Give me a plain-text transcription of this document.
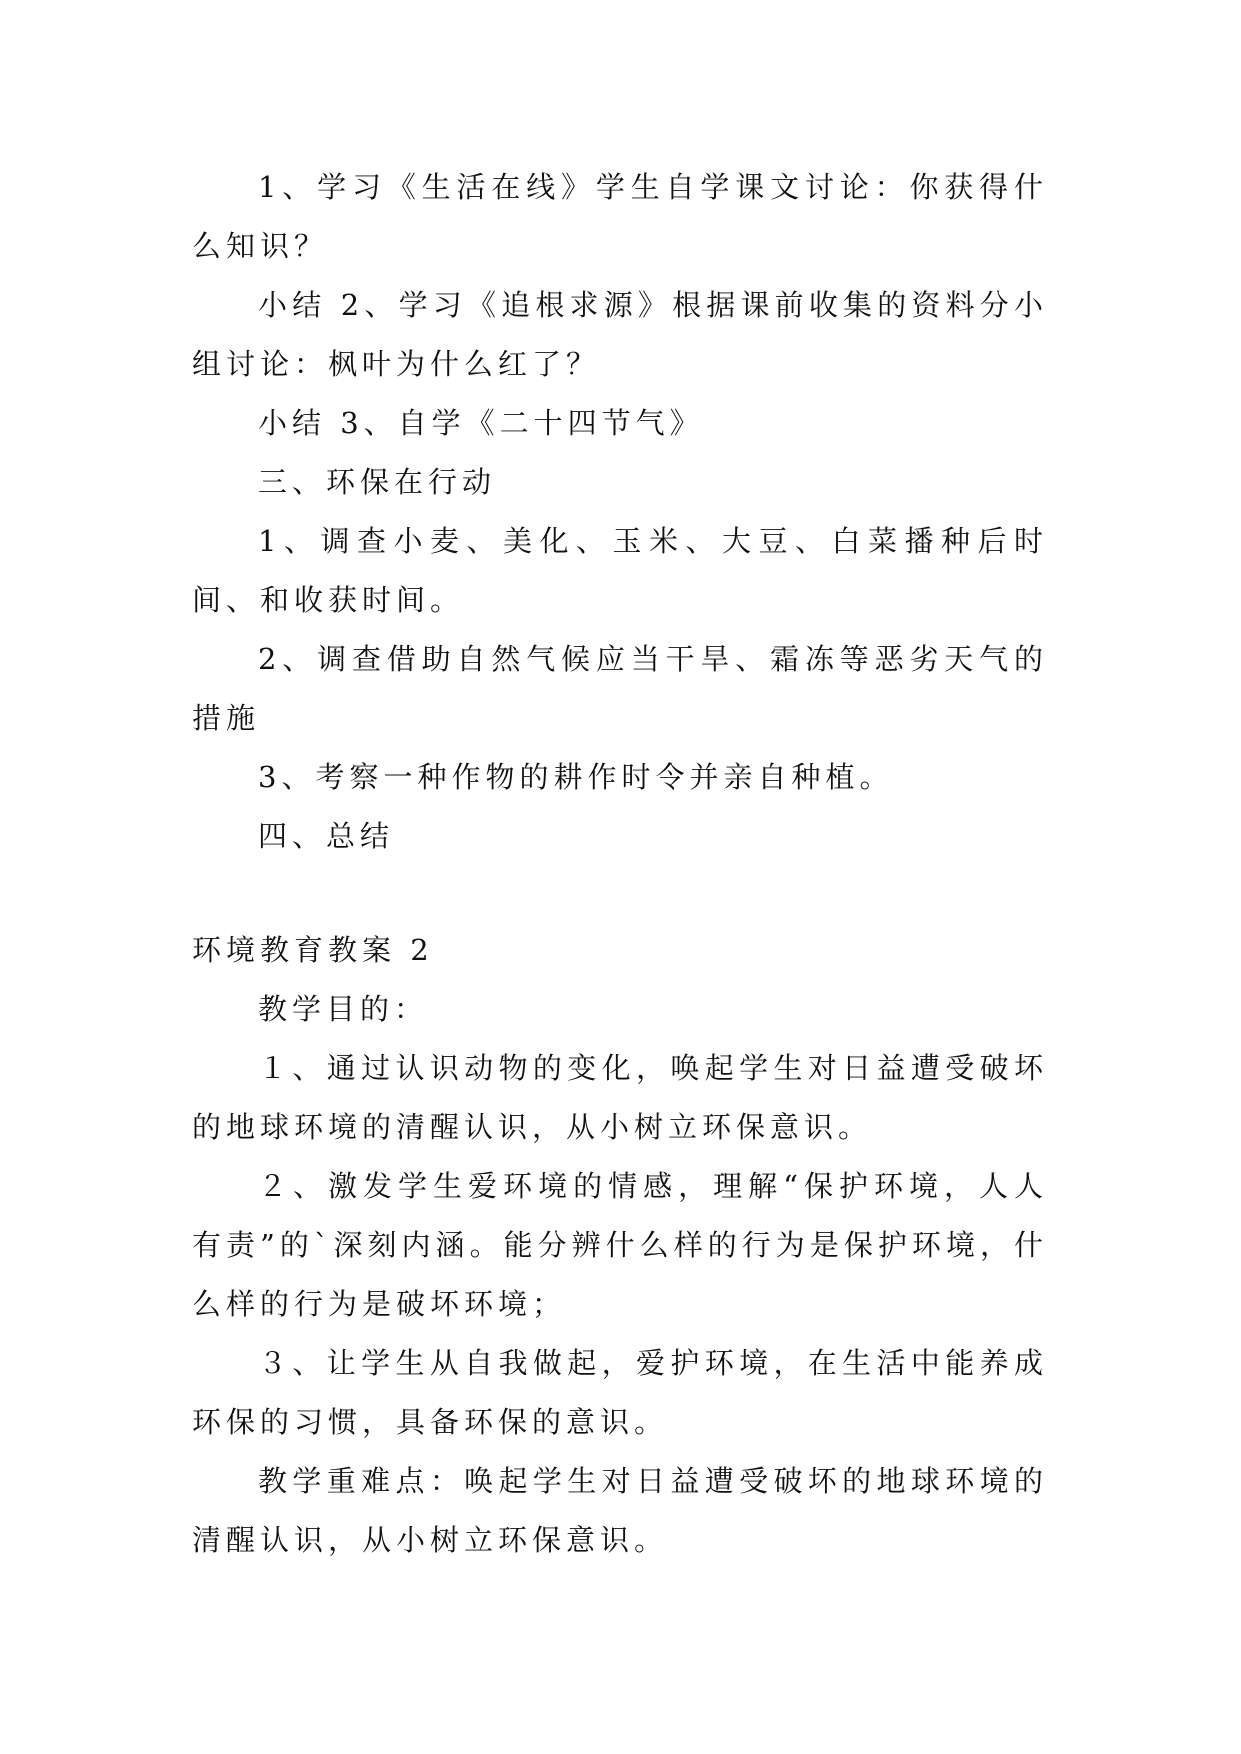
1、学习《生活在线》学生自学课文讨论：你获得什么知识？

小结 2、学习《追根求源》根据课前收集的资料分小组讨论：枫叶为什么红了？

小结 3、自学《二十四节气》

三、环保在行动

1、调查小麦、美化、玉米、大豆、白菜播种后时间、和收获时间。

2、调查借助自然气候应当干旱、霜冻等恶劣天气的措施

3、考察一种作物的耕作时令并亲自种植。

四、总结

环境教育教案 2

教学目的：

１、通过认识动物的变化，唤起学生对日益遭受破坏的地球环境的清醒认识，从小树立环保意识。

２、激发学生爱环境的情感，理解“保护环境，人人有责”的`深刻内涵。能分辨什么样的行为是保护环境，什么样的行为是破坏环境；

３、让学生从自我做起，爱护环境，在生活中能养成环保的习惯，具备环保的意识。

教学重难点：唤起学生对日益遭受破坏的地球环境的清醒认识，从小树立环保意识。
